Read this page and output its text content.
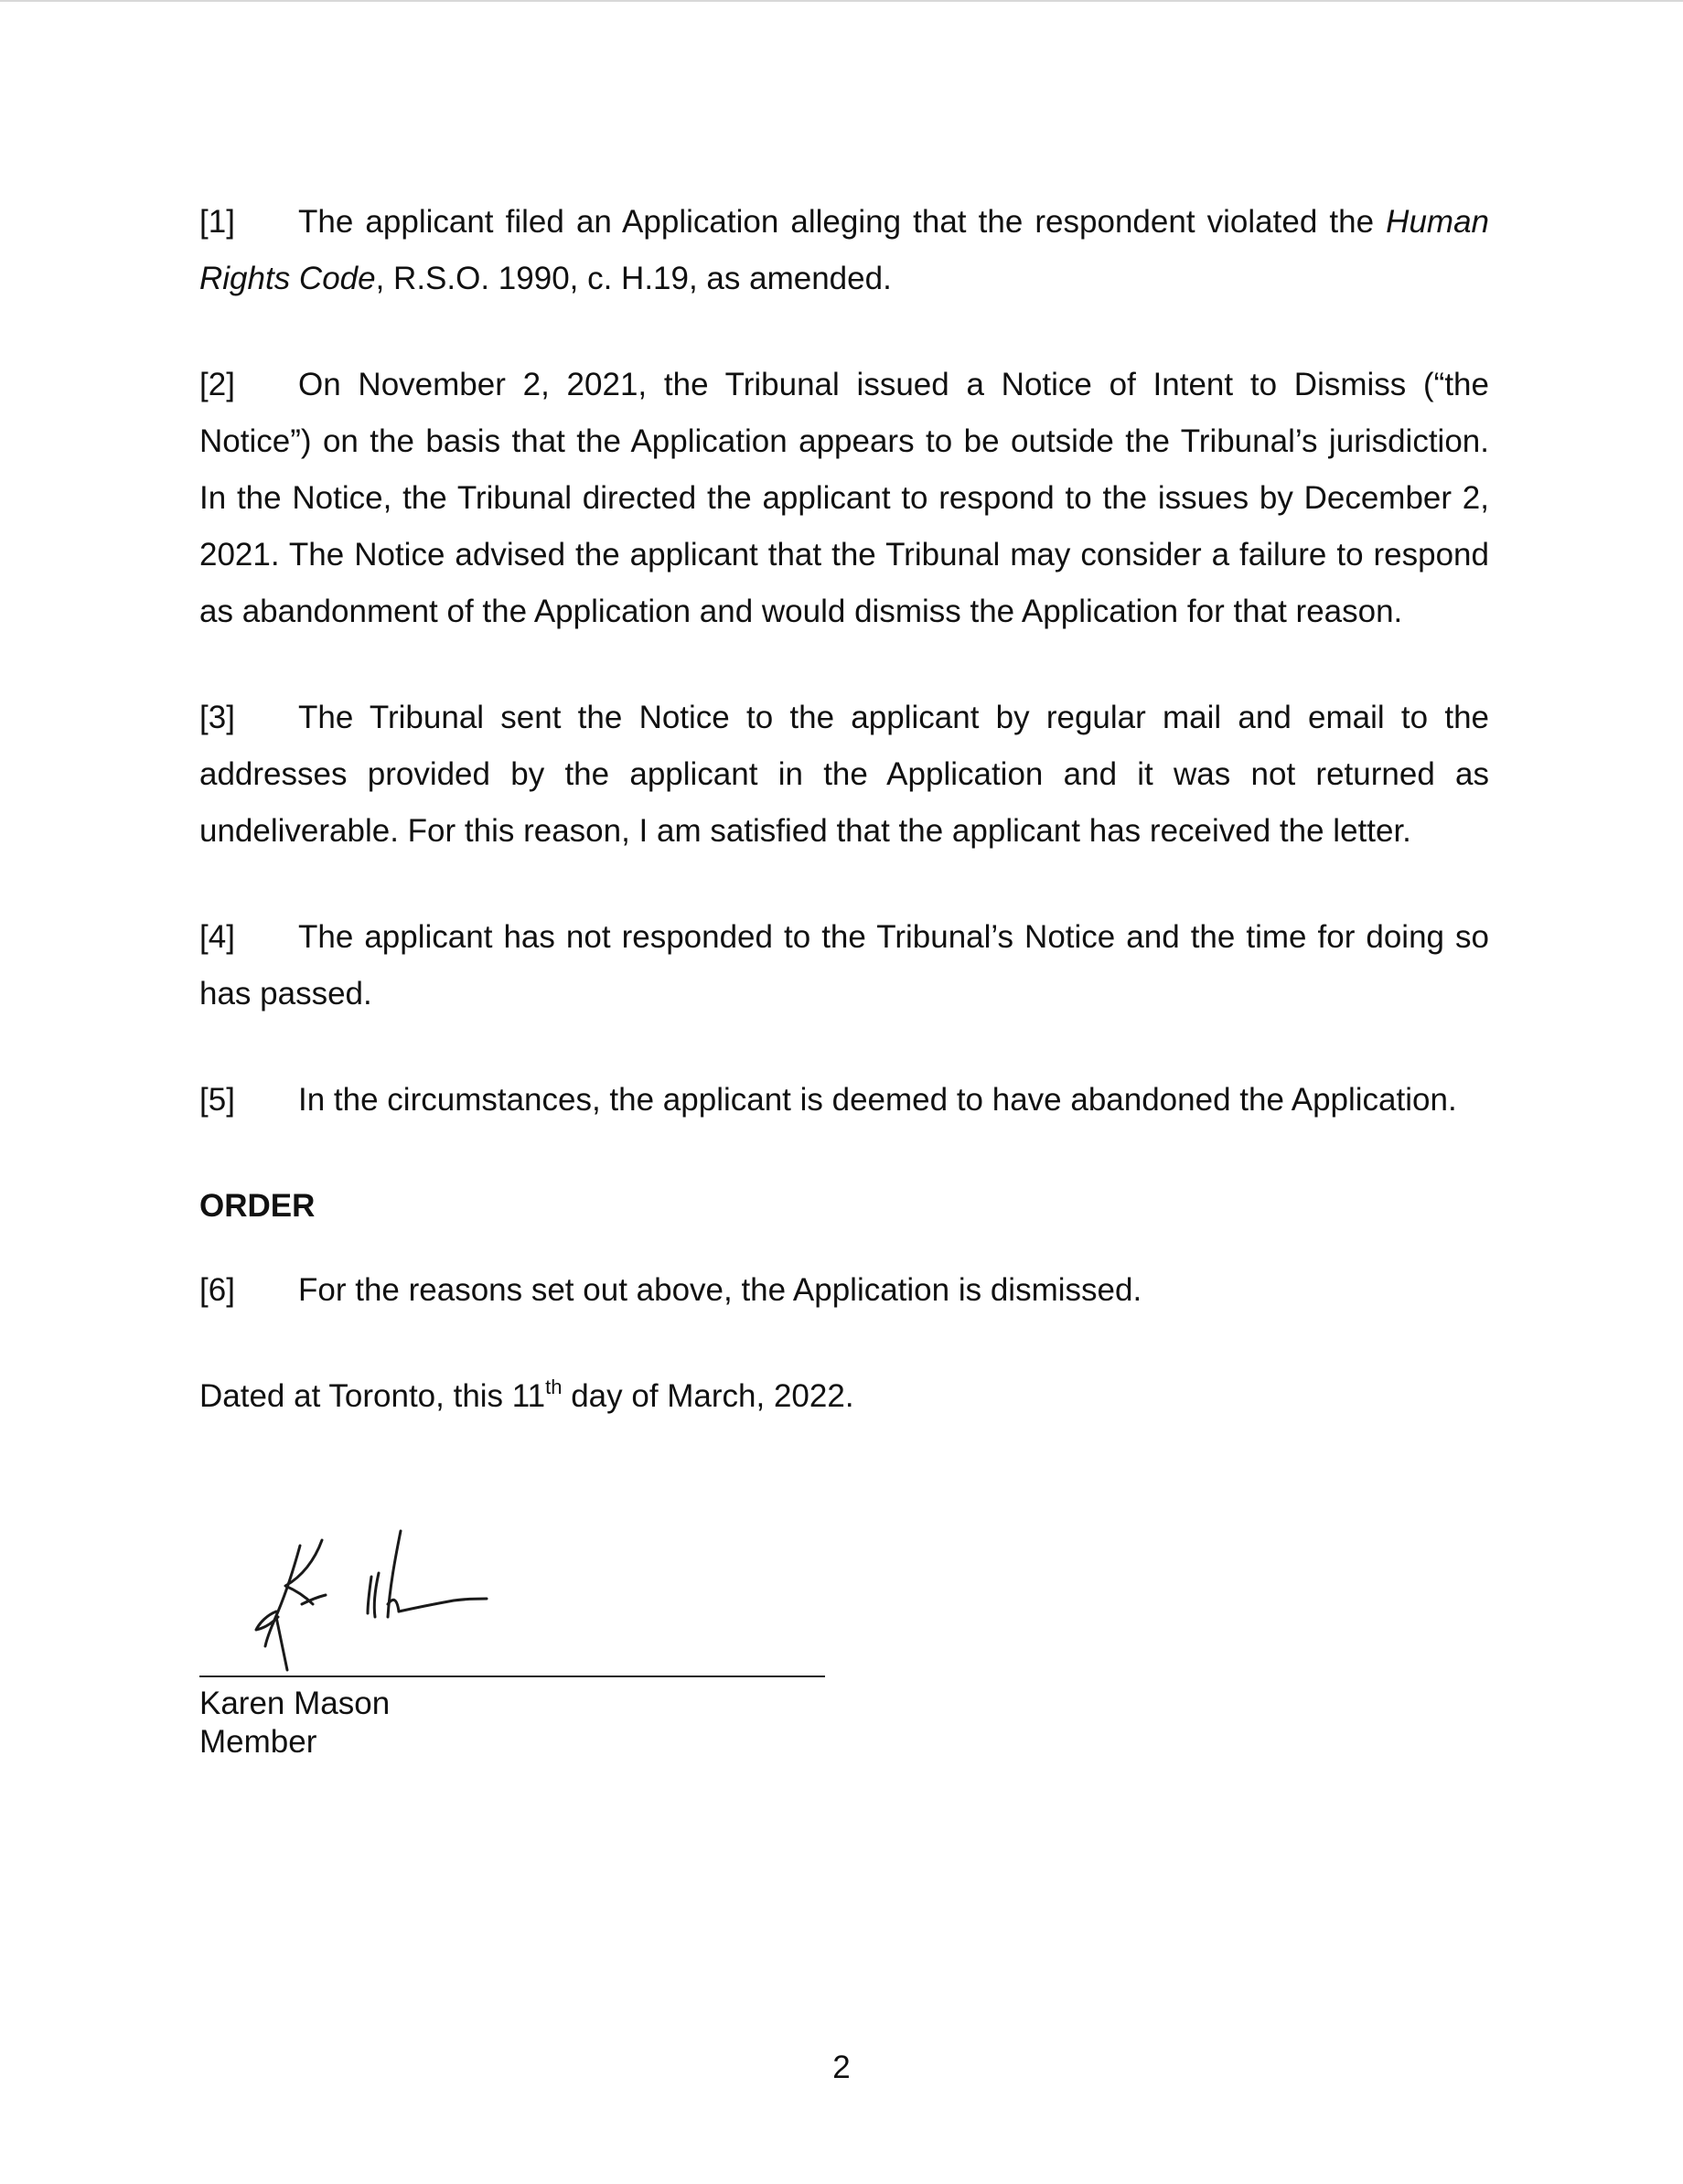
[1] The applicant filed an Application alleging that the respondent violated the Human Rights Code, R.S.O. 1990, c. H.19, as amended.

[2] On November 2, 2021, the Tribunal issued a Notice of Intent to Dismiss (“the Notice”) on the basis that the Application appears to be outside the Tribunal’s jurisdiction. In the Notice, the Tribunal directed the applicant to respond to the issues by December 2, 2021. The Notice advised the applicant that the Tribunal may consider a failure to respond as abandonment of the Application and would dismiss the Application for that reason.

[3] The Tribunal sent the Notice to the applicant by regular mail and email to the addresses provided by the applicant in the Application and it was not returned as undeliverable. For this reason, I am satisfied that the applicant has received the letter.

[4] The applicant has not responded to the Tribunal’s Notice and the time for doing so has passed.

[5] In the circumstances, the applicant is deemed to have abandoned the Application.

ORDER

[6] For the reasons set out above, the Application is dismissed.

Dated at Toronto, this 11th day of March, 2022.

Karen Mason
Member
2
